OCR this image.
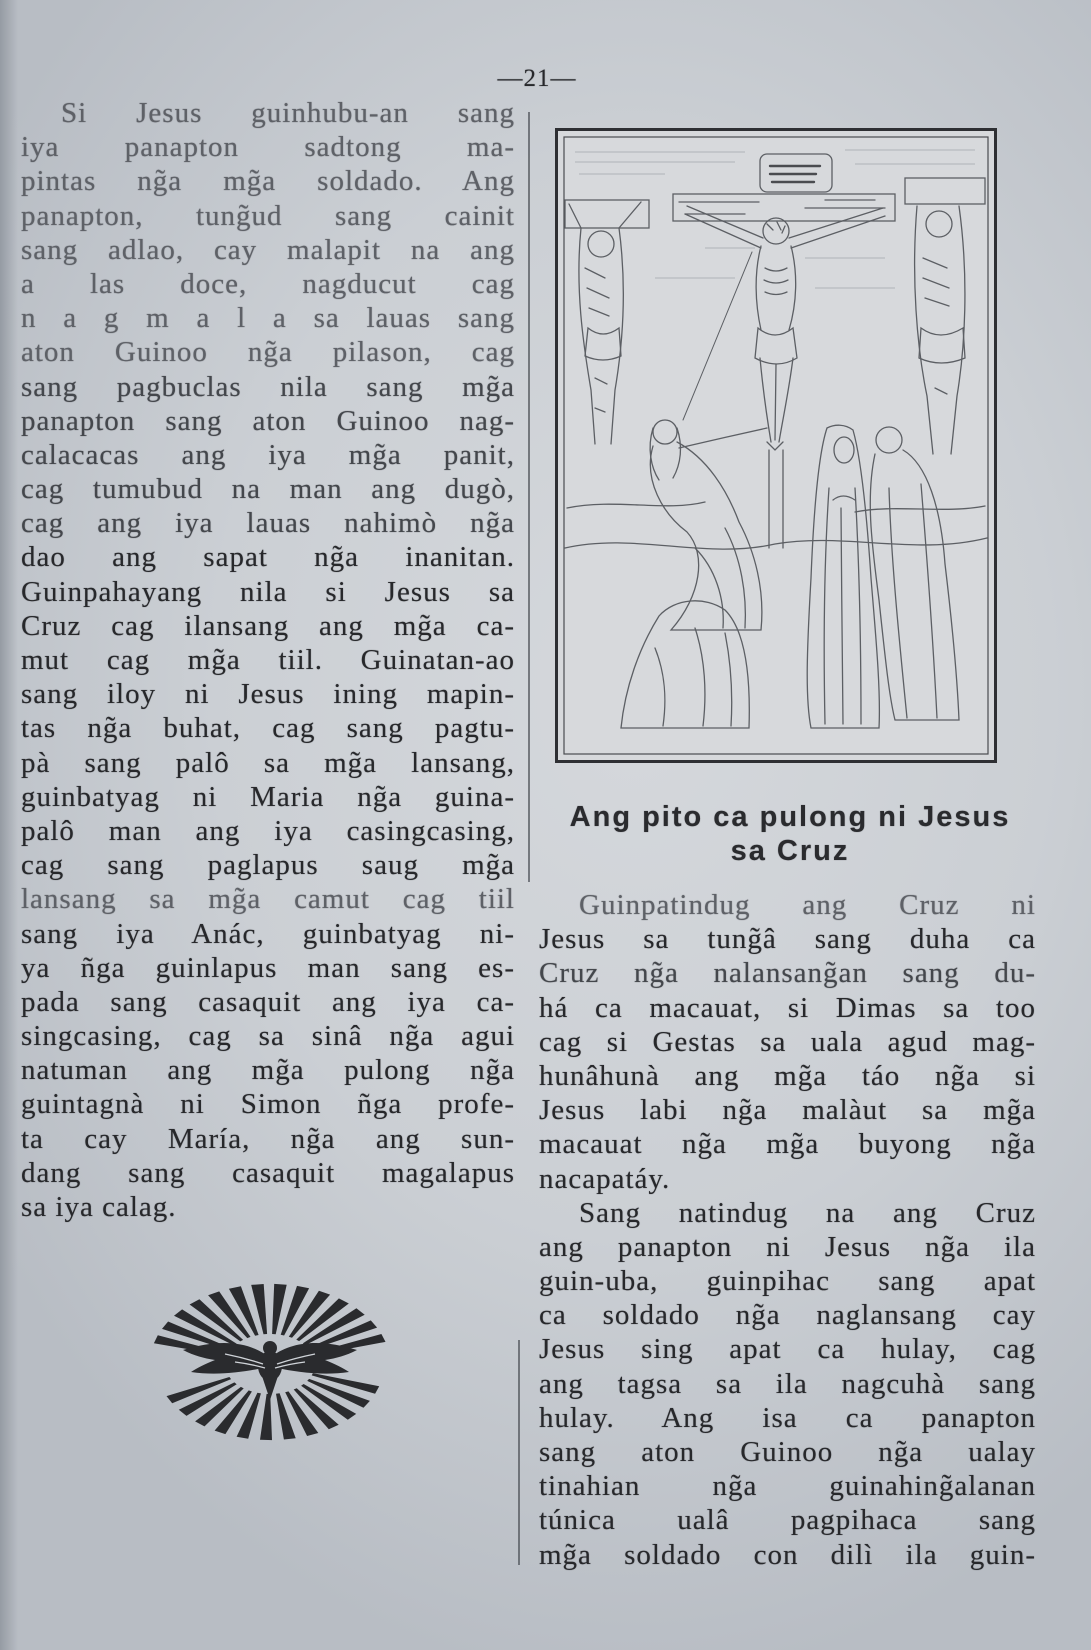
—21—
Si Jesus guinhubu-an sang
iya panapton sadtong ma-
pintas ng̃a mg̃a soldado. Ang
panapton, tung̃ud sang cainit
sang adlao, cay malapit na ang
a las doce, nagducut cag
n a g m a l a sa lauas sang
aton Guinoo ng̃a pilason, cag
sang pagbuclas nila sang mg̃a
panapton sang aton Guinoo nag-
calacacas ang iya mg̃a panit,
cag tumubud na man ang dugò,
cag ang iya lauas nahimò ng̃a
dao ang sapat ng̃a inanitan.
Guinpahayang nila si Jesus sa
Cruz cag ilansang ang mg̃a ca-
mut cag mg̃a tiil. Guinatan-ao
sang iloy ni Jesus ining mapin-
tas ng̃a buhat, cag sang pagtu-
pà sang palô sa mg̃a lansang,
guinbatyag ni Maria ng̃a guina-
palô man ang iya casingcasing,
cag sang paglapus saug mg̃a
lansang sa mg̃a camut cag tiil
sang iya Anác, guinbatyag ni-
ya ñga guinlapus man sang es-
pada sang casaquit ang iya ca-
singcasing, cag sa sinâ ng̃a agui
natuman ang mg̃a pulong ng̃a
guintagnà ni Simon ñga profe-
ta cay María, ng̃a ang sun-
dang sang casaquit magalapus
sa iya calag.
Ang pito ca pulong ni Jesus
sa Cruz
Guinpatindug ang Cruz ni
Jesus sa tung̃â sang duha ca
Cruz ng̃a nalansang̃an sang du-
há ca macauat, si Dimas sa too
cag si Gestas sa uala agud mag-
hunâhunà ang mg̃a táo ng̃a si
Jesus labi ng̃a malàut sa mg̃a
macauat ng̃a mg̃a buyong ng̃a
nacapatáy.
Sang natindug na ang Cruz
ang panapton ni Jesus ng̃a ila
guin-uba, guinpihac sang apat
ca soldado ng̃a naglansang cay
Jesus sing apat ca hulay, cag
ang tagsa sa ila nagcuhà sang
hulay. Ang isa ca panapton
sang aton Guinoo ng̃a ualay
tinahian ng̃a guinahing̃alanan
túnica ualâ pagpihaca sang
mg̃a soldado con dilì ila guin-
